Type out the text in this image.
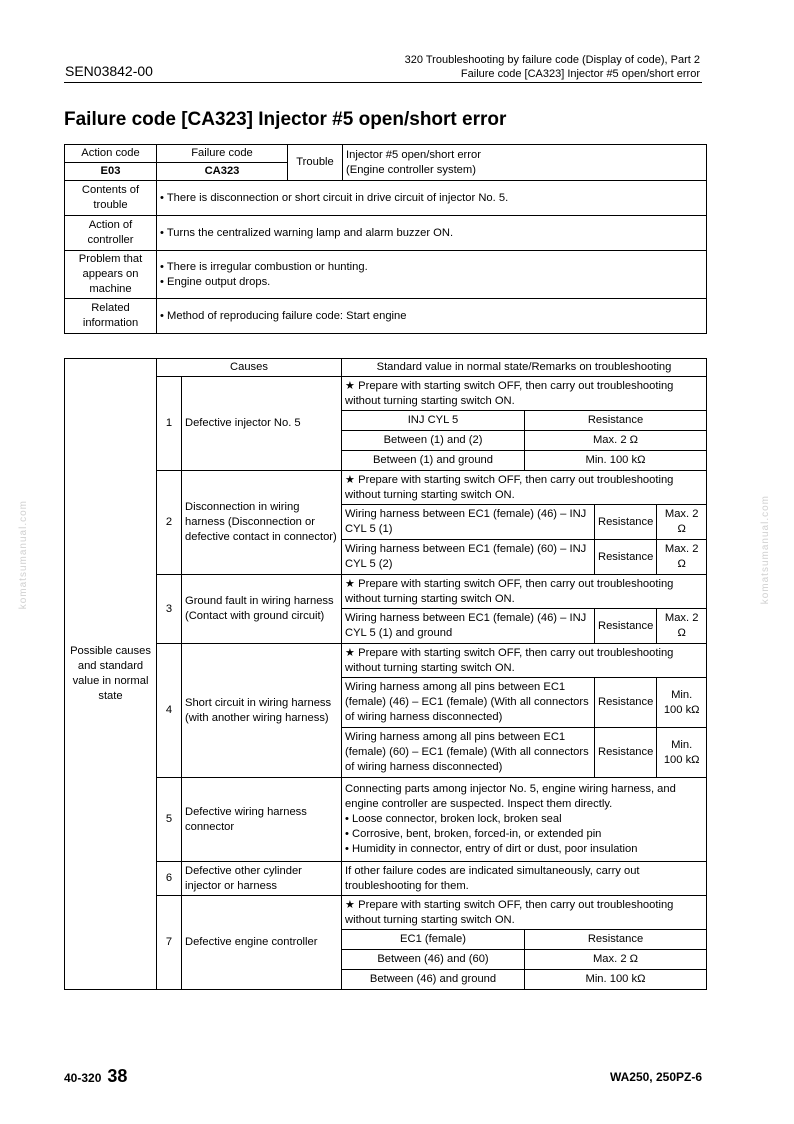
SEN03842-00
320 Troubleshooting by failure code (Display of code), Part 2
Failure code [CA323] Injector #5 open/short error
Failure code [CA323] Injector #5 open/short error
komatsumanual.com	komatsumanual.com
Action code	Failure code	Trouble	Injector #5 open/short error
(Engine controller system)

E03	CA323		
Contents of trouble	• There is disconnection or short circuit in drive circuit of injector No. 5.		
Action of controller	• Turns the centralized warning lamp and alarm buzzer ON.		
Problem that appears on machine	• There is irregular combustion or hunting.
• Engine output drops.		

Related information	• Method of reproducing failure code: Start engine		
Possible causes and standard value in normal state	Causes		Standard value in normal state/Remarks on troubleshooting			
	1	Defective injector No. 5	★ Prepare with starting switch OFF, then carry out troubleshooting without turning starting switch ON.			
			INJ CYL 5	Resistance		
			Between (1) and (2)	Max. 2 Ω		
			Between (1) and ground	Min. 100 kΩ		
	2	Disconnection in wiring harness (Disconnection or defective contact in connector)	★ Prepare with starting switch OFF, then carry out troubleshooting without turning starting switch ON.			
			Wiring harness between EC1 (female) (46) – INJ CYL 5 (1)		Resistance	Max. 2 Ω
			Wiring harness between EC1 (female) (60) – INJ CYL 5 (2)		Resistance	Max. 2 Ω
	3	Ground fault in wiring harness (Contact with ground circuit)	★ Prepare with starting switch OFF, then carry out troubleshooting without turning starting switch ON.			
			Wiring harness between EC1 (female) (46) – INJ CYL 5 (1) and ground		Resistance	Max. 2 Ω
	4	Short circuit in wiring harness (with another wiring harness)	★ Prepare with starting switch OFF, then carry out troubleshooting without turning starting switch ON.			
			Wiring harness among all pins between EC1 (female) (46) – EC1 (female) (With all connectors of wiring harness disconnected)		Resistance	Min. 100 kΩ
			Wiring harness among all pins between EC1 (female) (60) – EC1 (female) (With all connectors of wiring harness disconnected)		Resistance	Min. 100 kΩ
	5	Defective wiring harness connector	Connecting parts among injector No. 5, engine wiring harness, and engine controller are suspected. Inspect them directly.
• Loose connector, broken lock, broken seal
• Corrosive, bent, broken, forced-in, or extended pin
• Humidity in connector, entry of dirt or dust, poor insulation			

	6	Defective other cylinder injector or harness	If other failure codes are indicated simultaneously, carry out troubleshooting for them.			
	7	Defective engine controller	★ Prepare with starting switch OFF, then carry out troubleshooting without turning starting switch ON.			
			EC1 (female)	Resistance		
			Between (46) and (60)	Max. 2 Ω		
			Between (46) and ground	Min. 100 kΩ		
40-320 38	WA250, 250PZ-6
